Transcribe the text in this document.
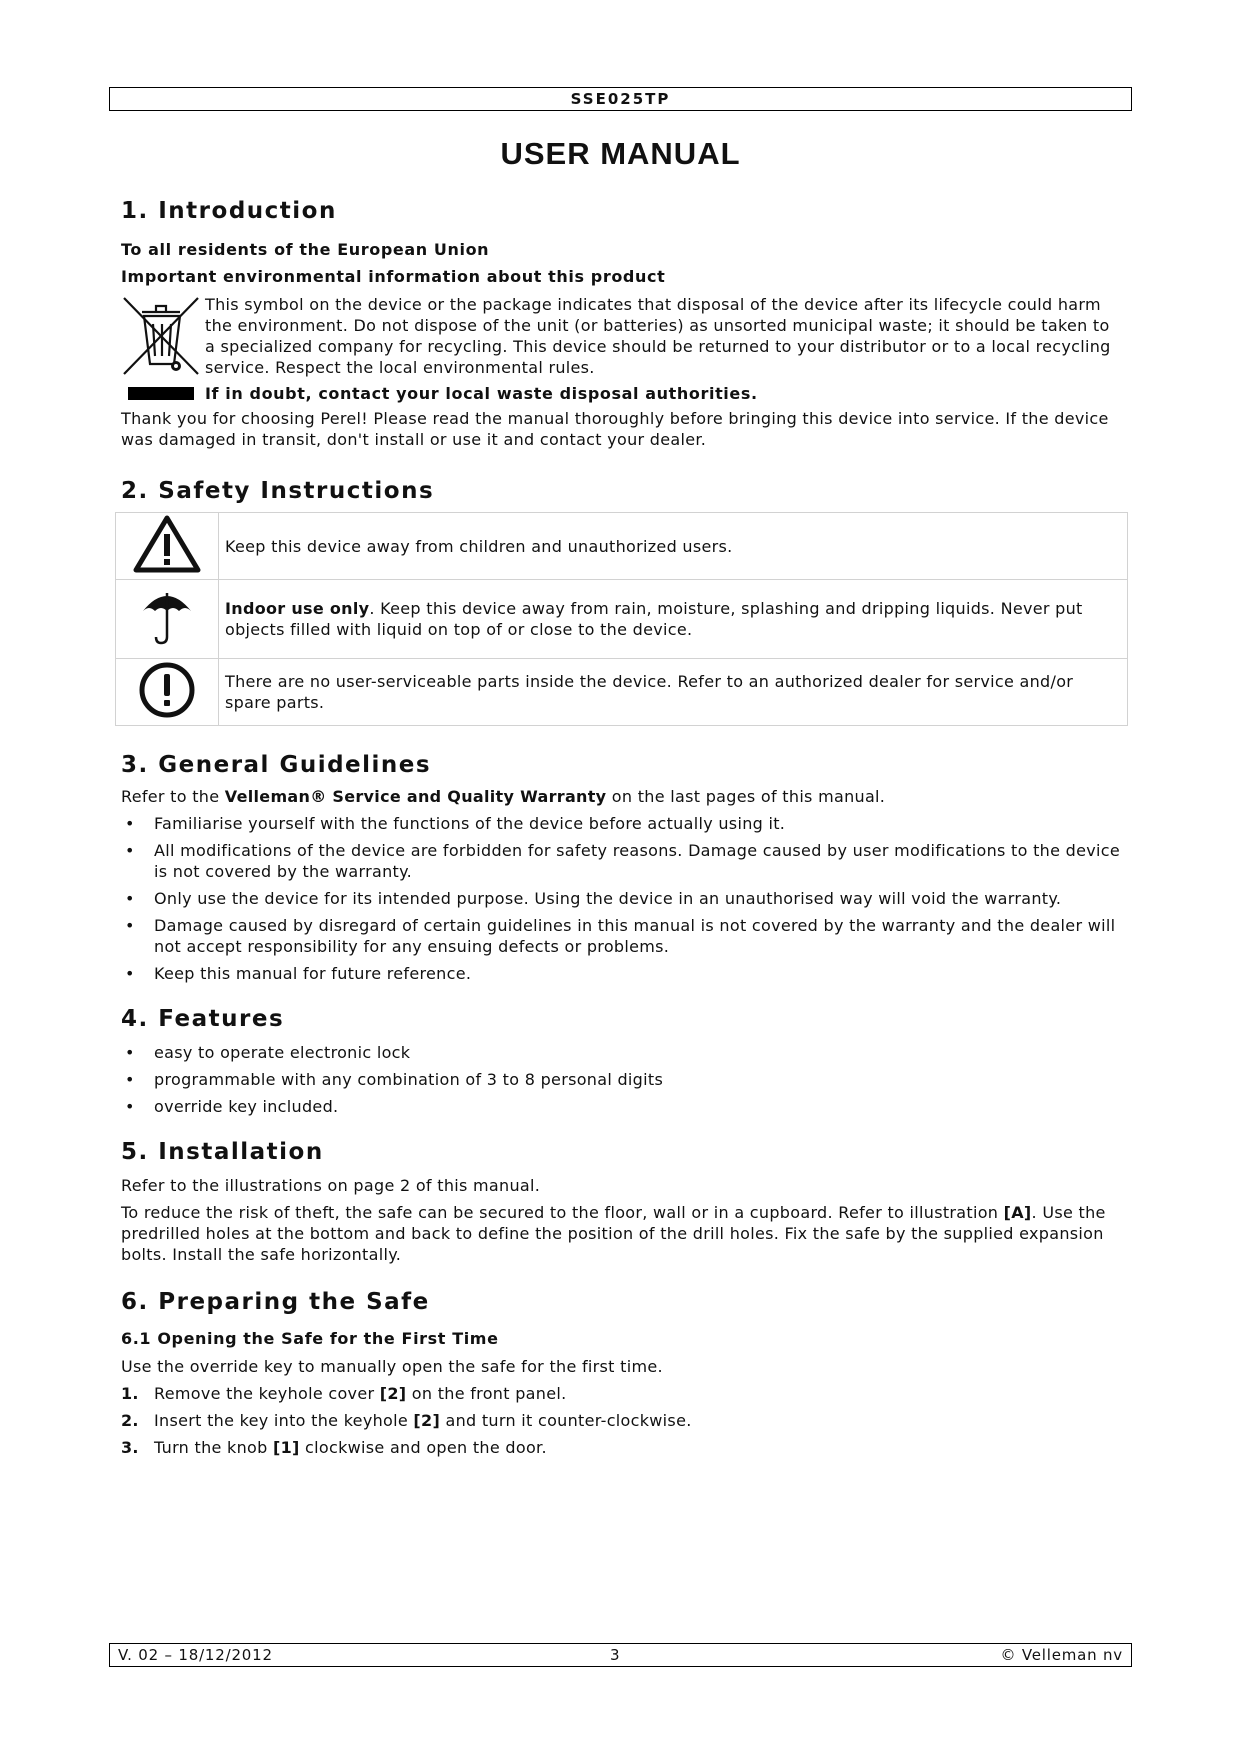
SSE025TP
USER MANUAL
1. Introduction
To all residents of the European Union
Important environmental information about this product

This symbol on the device or the package indicates that disposal of the device after its lifecycle could harm the environment. Do not dispose of the unit (or batteries) as unsorted municipal waste; it should be taken to a specialized company for recycling. This device should be returned to your distributor or to a local recycling service. Respect the local environmental rules.

If in doubt, contact your local waste disposal authorities.

Thank you for choosing Perel! Please read the manual thoroughly before bringing this device into service. If the device was damaged in transit, don't install or use it and contact your dealer.

2. Safety Instructions

Keep this device away from children and unauthorized users.

Indoor use only. Keep this device away from rain, moisture, splashing and dripping liquids. Never put objects filled with liquid on top of or close to the device.

There are no user-serviceable parts inside the device. Refer to an authorized dealer for service and/or spare parts.

3. General Guidelines

Refer to the Velleman® Service and Quality Warranty on the last pages of this manual.

• Familiarise yourself with the functions of the device before actually using it.
• All modifications of the device are forbidden for safety reasons. Damage caused by user modifications to the device is not covered by the warranty.
• Only use the device for its intended purpose. Using the device in an unauthorised way will void the warranty.
• Damage caused by disregard of certain guidelines in this manual is not covered by the warranty and the dealer will not accept responsibility for any ensuing defects or problems.
• Keep this manual for future reference.
4. Features
• easy to operate electronic lock
• programmable with any combination of 3 to 8 personal digits
• override key included.
5. Installation

Refer to the illustrations on page 2 of this manual.

To reduce the risk of theft, the safe can be secured to the floor, wall or in a cupboard. Refer to illustration [A]. Use the predrilled holes at the bottom and back to define the position of the drill holes. Fix the safe by the supplied expansion bolts. Install the safe horizontally.

6. Preparing the Safe
6.1 Opening the Safe for the First Time

Use the override key to manually open the safe for the first time.

1. Remove the keyhole cover [2] on the front panel.
2. Insert the key into the keyhole [2] and turn it counter-clockwise.
3. Turn the knob [1] clockwise and open the door.
V. 02 – 18/12/2012	3	© Velleman nv
